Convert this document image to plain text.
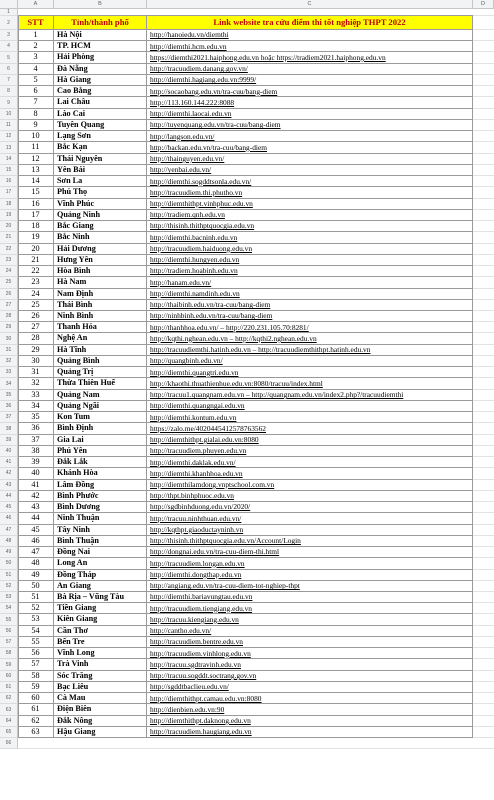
A	B	C	D
1
2	STT	Tỉnh/thành phố	Link website tra cứu điểm thi tốt nghiệp THPT 2022
3	1	Hà Nội	http://hanoiedu.vn/diemthi
4	2	TP. HCM	http://diemthi.hcm.edu.vn
5	3	Hải Phòng	https://diemthi2021.haiphong.edu.vn hoặc https://tradiem2021.haiphong.edu.vn
6	4	Đà Nẵng	http://tracuudiem.danang.gov.vn/
7	5	Hà Giang	http://diemthi.hagiang.edu.vn:9999/
8	6	Cao Bằng	http://socaobang.edu.vn/tra-cuu/bang-diem
9	7	Lai Châu	http://113.160.144.222:8088
10	8	Lào Cai	http://diemthi.laocai.edu.vn
11	9	Tuyên Quang	http://tuyenquang.edu.vn/tra-cuu/bang-diem
12	10	Lạng Sơn	http://langson.edu.vn/
13	11	Bắc Kạn	http://backan.edu.vn/tra-cuu/bang-diem
14	12	Thái Nguyên	http://thainguyen.edu.vn/
15	13	Yên Bái	http://yenbai.edu.vn/
16	14	Sơn La	http://diemthi.sogddtsonla.edu.vn/
17	15	Phú Thọ	http://tracuudiem.thi.phutho.vn
18	16	Vĩnh Phúc	http://diemthithpt.vinhphuc.edu.vn
19	17	Quảng Ninh	http://tradiem.qnh.edu.vn
20	18	Bắc Giang	http://thisinh.thithptquocgia.edu.vn
21	19	Bắc Ninh	http://diemthi.bacninh.edu.vn
22	20	Hải Dương	http://tracuudiem.haiduong.edu.vn
23	21	Hưng Yên	http://diemthi.hungyen.edu.vn
24	22	Hòa Bình	http://tradiem.hoabinh.edu.vn
25	23	Hà Nam	http://hanam.edu.vn/
26	24	Nam Định	http://diemthi.namdinh.edu.vn
27	25	Thái Bình	http://thaibinh.edu.vn/tra-cuu/bang-diem
28	26	Ninh Bình	http://ninhbinh.edu.vn/tra-cuu/bang-diem
29	27	Thanh Hóa	http://thanhhoa.edu.vn/ – http://220.231.105.70:8281/
30	28	Nghệ An	http://kqthi.nghean.edu.vn – http://kqthi2.nghean.edu.vn
31	29	Hà Tĩnh	http://tracuudiemthi.hatinh.edu.vn – http://tracuudiemthithpt.hatinh.edu.vn
32	30	Quảng Bình	http://quangbinh.edu.vn/
33	31	Quảng Trị	http://diemthi.quangtri.edu.vn
34	32	Thừa Thiên Huế	http://khaothi.thuathienhue.edu.vn:8080/tracuu/index.html
35	33	Quảng Nam	http://tracuu1.quangnam.edu.vn – http://quangnam.edu.vn/index2.php?/tracuudiemthi
36	34	Quảng Ngãi	http://diemthi.quangngai.edu.vn
37	35	Kon Tum	http://diemthi.kontum.edu.vn
38	36	Bình Định	https://zalo.me/4020445412578763562
39	37	Gia Lai	http://diemthithpt.gialai.edu.vn:8080
40	38	Phú Yên	http://tracuudiem.phuyen.edu.vn
41	39	Đắk Lắk	http://diemthi.daklak.edu.vn/
42	40	Khánh Hòa	http://diemthi.khanhhoa.edu.vn
43	41	Lâm Đồng	http://diemthilamdong.vnptschool.com.vn
44	42	Bình Phước	http://thpt.binhphuoc.edu.vn
45	43	Bình Dương	http://sgdbinhduong.edu.vn/2020/
46	44	Ninh Thuận	http://tracuu.ninhthuan.edu.vn/
47	45	Tây Ninh	http://kqthpt.giaoductayninh.vn
48	46	Bình Thuận	http://thisinh.thithptquocgia.edu.vn/Account/Login
49	47	Đồng Nai	http://dongnai.edu.vn/tra-cuu-diem-thi.html
50	48	Long An	http://tracuudiem.longan.edu.vn
51	49	Đồng Tháp	http://diemthi.dongthap.edu.vn
52	50	An Giang	http://angiang.edu.vn/tra-cuu-diem-tot-nghiep-thpt
53	51	Bà Rịa – Vũng Tàu	http://diemthi.bariavungtau.edu.vn
54	52	Tiền Giang	http://tracuudiem.tiengiang.edu.vn
55	53	Kiên Giang	http://tracuu.kiengiang.edu.vn
56	54	Cần Thơ	http://cantho.edu.vn/
57	55	Bến Tre	http://tracuudiem.bentre.edu.vn
58	56	Vĩnh Long	http://tracuudiem.vinhlong.edu.vn
59	57	Trà Vinh	http://tracuu.sgdtravinh.edu.vn
60	58	Sóc Trăng	http://tracuu.sogddt.soctrang.gov.vn
61	59	Bạc Liêu	http://sgddtbaclieu.edu.vn/
62	60	Cà Mau	http://diemthithpt.camau.edu.vn:8080
63	61	Điện Biên	http://dienbien.edu.vn:90
64	62	Đắk Nông	http://diemthithpt.daknong.edu.vn
65	63	Hậu Giang	http://tracuudiem.haugiang.edu.vn
66
